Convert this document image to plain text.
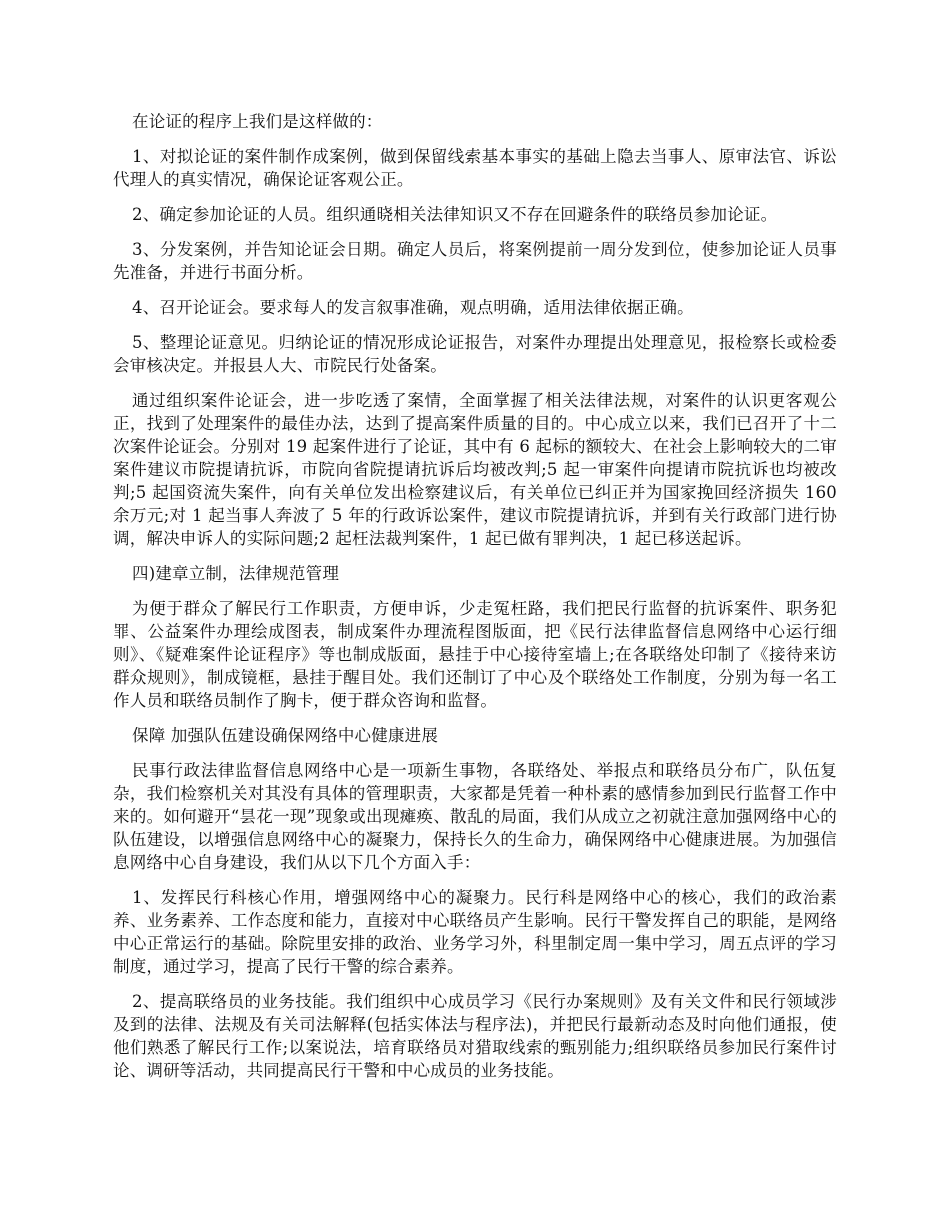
在论证的程序上我们是这样做的：

1、对拟论证的案件制作成案例，做到保留线索基本事实的基础上隐去当事人、原审法官、诉讼代理人的真实情况，确保论证客观公正。

2、确定参加论证的人员。组织通晓相关法律知识又不存在回避条件的联络员参加论证。

3、分发案例，并告知论证会日期。确定人员后，将案例提前一周分发到位，使参加论证人员事先准备，并进行书面分析。

4、召开论证会。要求每人的发言叙事准确，观点明确，适用法律依据正确。

5、整理论证意见。归纳论证的情况形成论证报告，对案件办理提出处理意见，报检察长或检委会审核决定。并报县人大、市院民行处备案。

通过组织案件论证会，进一步吃透了案情，全面掌握了相关法律法规，对案件的认识更客观公正，找到了处理案件的最佳办法，达到了提高案件质量的目的。中心成立以来，我们已召开了十二次案件论证会。分别对 19 起案件进行了论证，其中有 6 起标的额较大、在社会上影响较大的二审案件建议市院提请抗诉，市院向省院提请抗诉后均被改判;5 起一审案件向提请市院抗诉也均被改判;5 起国资流失案件，向有关单位发出检察建议后，有关单位已纠正并为国家挽回经济损失 160 余万元;对 1 起当事人奔波了 5 年的行政诉讼案件，建议市院提请抗诉，并到有关行政部门进行协调，解决申诉人的实际问题;2 起枉法裁判案件，1 起已做有罪判决，1 起已移送起诉。

四)建章立制，法律规范管理

为便于群众了解民行工作职责，方便申诉，少走冤枉路，我们把民行监督的抗诉案件、职务犯罪、公益案件办理绘成图表，制成案件办理流程图版面，把《民行法律监督信息网络中心运行细则》、《疑难案件论证程序》等也制成版面，悬挂于中心接待室墙上;在各联络处印制了《接待来访群众规则》，制成镜框，悬挂于醒目处。我们还制订了中心及个联络处工作制度，分别为每一名工作人员和联络员制作了胸卡，便于群众咨询和监督。

保障 加强队伍建设确保网络中心健康进展

民事行政法律监督信息网络中心是一项新生事物，各联络处、举报点和联络员分布广，队伍复杂，我们检察机关对其没有具体的管理职责，大家都是凭着一种朴素的感情参加到民行监督工作中来的。如何避开“昙花一现”现象或出现瘫痪、散乱的局面，我们从成立之初就注意加强网络中心的队伍建设，以增强信息网络中心的凝聚力，保持长久的生命力，确保网络中心健康进展。为加强信息网络中心自身建设，我们从以下几个方面入手：

1、发挥民行科核心作用，增强网络中心的凝聚力。民行科是网络中心的核心，我们的政治素养、业务素养、工作态度和能力，直接对中心联络员产生影响。民行干警发挥自己的职能，是网络中心正常运行的基础。除院里安排的政治、业务学习外，科里制定周一集中学习，周五点评的学习制度，通过学习，提高了民行干警的综合素养。

2、提高联络员的业务技能。我们组织中心成员学习《民行办案规则》及有关文件和民行领域涉及到的法律、法规及有关司法解释(包括实体法与程序法)，并把民行最新动态及时向他们通报，使他们熟悉了解民行工作;以案说法，培育联络员对猎取线索的甄别能力;组织联络员参加民行案件讨论、调研等活动，共同提高民行干警和中心成员的业务技能。
